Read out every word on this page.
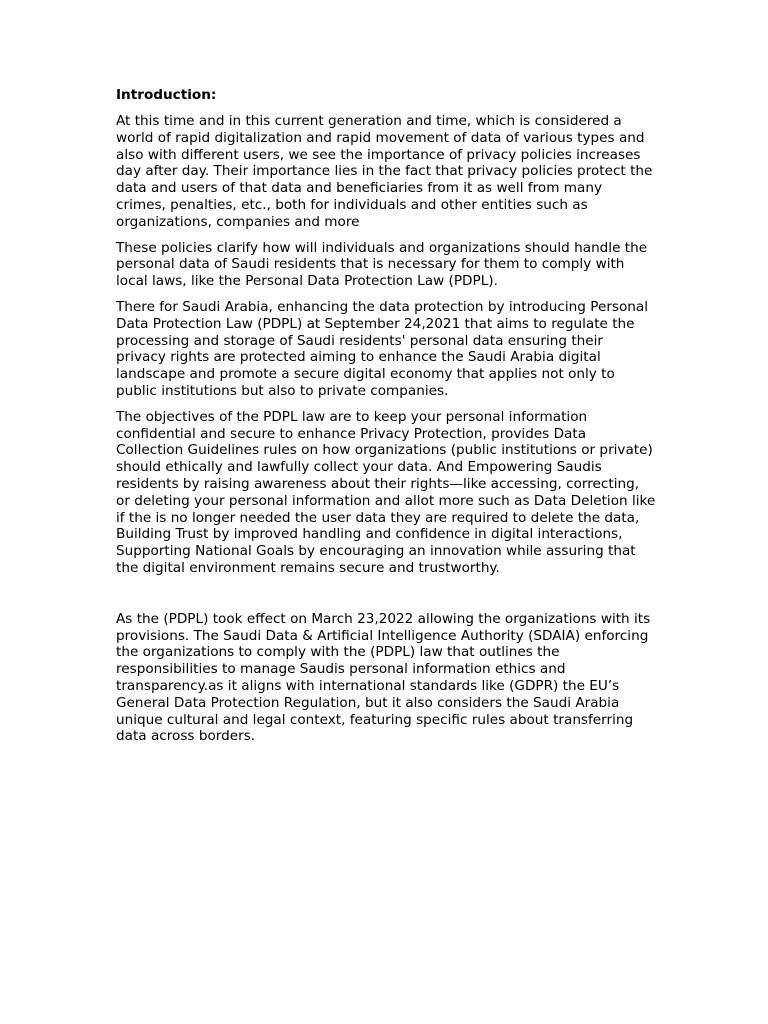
Introduction:

At this time and in this current generation and time, which is considered a world of rapid digitalization and rapid movement of data of various types and also with different users, we see the importance of privacy policies increases day after day. Their importance lies in the fact that privacy policies protect the data and users of that data and beneficiaries from it as well from many crimes, penalties, etc., both for individuals and other entities such as organizations, companies and more

These policies clarify how will individuals and organizations should handle the personal data of Saudi residents that is necessary for them to comply with local laws, like the Personal Data Protection Law (PDPL).

There for Saudi Arabia, enhancing the data protection by introducing Personal Data Protection Law (PDPL) at September 24,2021 that aims to regulate the processing and storage of Saudi residents' personal data ensuring their privacy rights are protected aiming to enhance the Saudi Arabia digital landscape and promote a secure digital economy that applies not only to public institutions but also to private companies.

The objectives of the PDPL law are to keep your personal information confidential and secure to enhance Privacy Protection, provides Data Collection Guidelines rules on how organizations (public institutions or private) should ethically and lawfully collect your data. And Empowering Saudis residents by raising awareness about their rights—like accessing, correcting, or deleting your personal information and allot more such as Data Deletion like if the is no longer needed the user data they are required to delete the data, Building Trust by improved handling and confidence in digital interactions, Supporting National Goals by encouraging an innovation while assuring that the digital environment remains secure and trustworthy.

As the (PDPL) took effect on March 23,2022 allowing the organizations with its provisions. The Saudi Data & Artificial Intelligence Authority (SDAIA) enforcing the organizations to comply with the (PDPL) law that outlines the responsibilities to manage Saudis personal information ethics and transparency.as it aligns with international standards like (GDPR) the EU’s General Data Protection Regulation, but it also considers the Saudi Arabia unique cultural and legal context, featuring specific rules about transferring data across borders.
